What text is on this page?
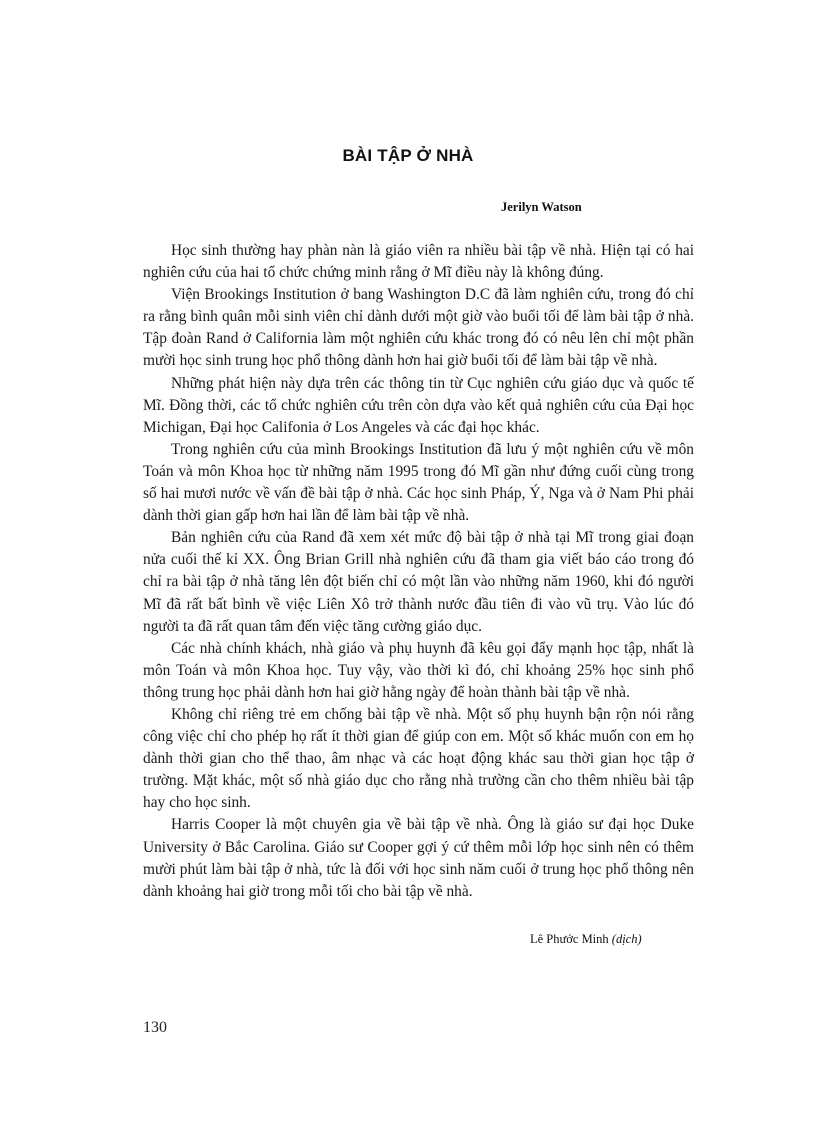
BÀI TẬP Ở NHÀ
Jerilyn Watson

Học sinh thường hay phàn nàn là giáo viên ra nhiều bài tập về nhà. Hiện tại có hai nghiên cứu của hai tổ chức chứng minh rằng ở Mĩ điều này là không đúng.

Viện Brookings Institution ở bang Washington D.C đã làm nghiên cứu, trong đó chỉ ra rằng bình quân mỗi sinh viên chỉ dành dưới một giờ vào buổi tối để làm bài tập ở nhà. Tập đoàn Rand ở California làm một nghiên cứu khác trong đó có nêu lên chỉ một phần mười học sinh trung học phổ thông dành hơn hai giờ buổi tối để làm bài tập về nhà.

Những phát hiện này dựa trên các thông tin từ Cục nghiên cứu giáo dục và quốc tế Mĩ. Đồng thời, các tổ chức nghiên cứu trên còn dựa vào kết quả nghiên cứu của Đại học Michigan, Đại học Califonia ở Los Angeles và các đại học khác.

Trong nghiên cứu của mình Brookings Institution đã lưu ý một nghiên cứu về môn Toán và môn Khoa học từ những năm 1995 trong đó Mĩ gần như đứng cuối cùng trong số hai mươi nước về vấn đề bài tập ở nhà. Các học sinh Pháp, Ý, Nga và ở Nam Phi phải dành thời gian gấp hơn hai lần để làm bài tập về nhà.

Bản nghiên cứu của Rand đã xem xét mức độ bài tập ở nhà tại Mĩ trong giai đoạn nửa cuối thế kỉ XX. Ông Brian Grill nhà nghiên cứu đã tham gia viết báo cáo trong đó chỉ ra bài tập ở nhà tăng lên đột biến chỉ có một lần vào những năm 1960, khi đó người Mĩ đã rất bất bình về việc Liên Xô trở thành nước đầu tiên đi vào vũ trụ. Vào lúc đó người ta đã rất quan tâm đến việc tăng cường giáo dục.

Các nhà chính khách, nhà giáo và phụ huynh đã kêu gọi đẩy mạnh học tập, nhất là môn Toán và môn Khoa học. Tuy vậy, vào thời kì đó, chỉ khoảng 25% học sinh phổ thông trung học phải dành hơn hai giờ hằng ngày để hoàn thành bài tập về nhà.

Không chỉ riêng trẻ em chống bài tập về nhà. Một số phụ huynh bận rộn nói rằng công việc chỉ cho phép họ rất ít thời gian để giúp con em. Một số khác muốn con em họ dành thời gian cho thể thao, âm nhạc và các hoạt động khác sau thời gian học tập ở trường. Mặt khác, một số nhà giáo dục cho rằng nhà trường cần cho thêm nhiều bài tập hay cho học sinh.

Harris Cooper là một chuyên gia về bài tập về nhà. Ông là giáo sư đại học Duke University ở Bắc Carolina. Giáo sư Cooper gợi ý cứ thêm mỗi lớp học sinh nên có thêm mười phút làm bài tập ở nhà, tức là đối với học sinh năm cuối ở trung học phổ thông nên dành khoảng hai giờ trong mỗi tối cho bài tập về nhà.

Lê Phước Minh (dịch)
130
